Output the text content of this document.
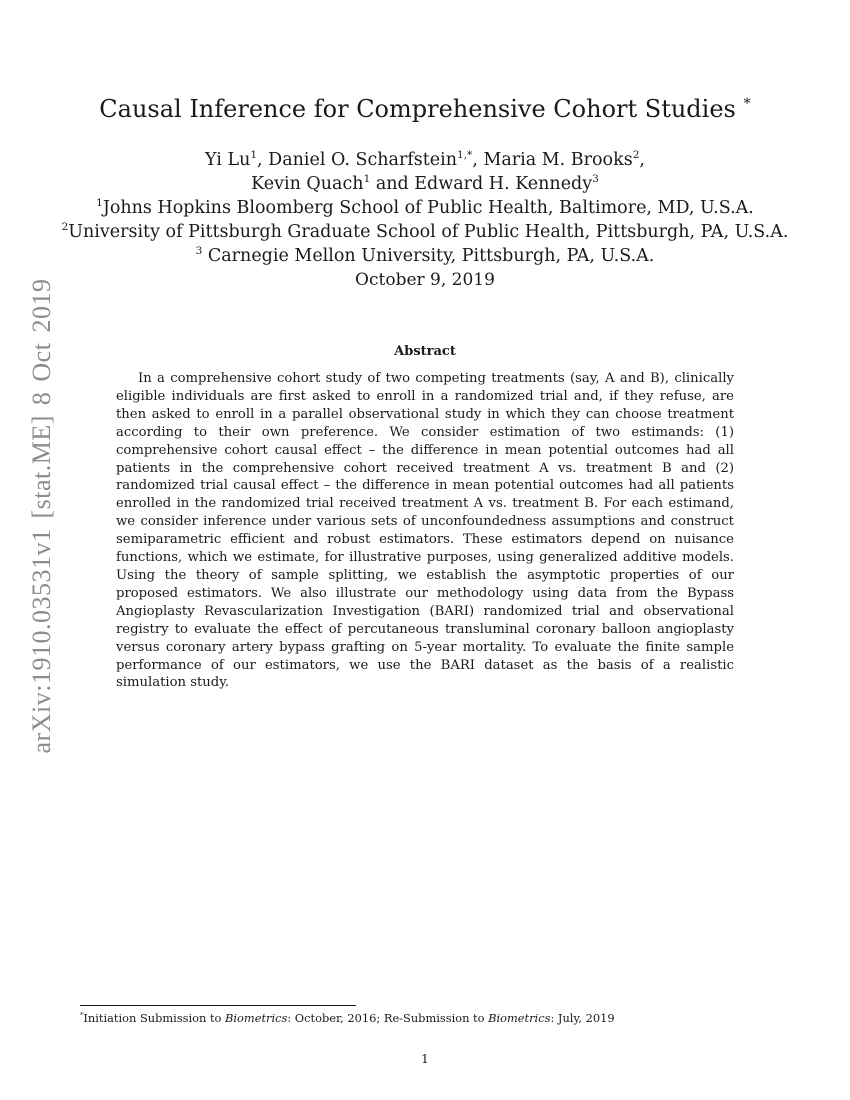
arXiv:1910.03531v1 [stat.ME] 8 Oct 2019
Causal Inference for Comprehensive Cohort Studies *
Yi Lu$^1$, Daniel O. Scharfstein$^{1,*}$, Maria M. Brooks$^2$,
Kevin Quach$^1$ and Edward H. Kennedy$^3$
$^1$Johns Hopkins Bloomberg School of Public Health, Baltimore, MD, U.S.A.
$^2$University of Pittsburgh Graduate School of Public Health, Pittsburgh, PA, U.S.A.
$^3$ Carnegie Mellon University, Pittsburgh, PA, U.S.A.
October 9, 2019
Abstract

In a comprehensive cohort study of two competing treatments (say, A and B), clinically eligible individuals are first asked to enroll in a randomized trial and, if they refuse, are then asked to enroll in a parallel observational study in which they can choose treatment according to their own preference. We consider estimation of two estimands: (1) comprehensive cohort causal effect – the difference in mean potential outcomes had all patients in the comprehensive cohort received treatment A vs. treatment B and (2) randomized trial causal effect – the difference in mean potential outcomes had all patients enrolled in the randomized trial received treatment A vs. treatment B. For each estimand, we consider inference under various sets of unconfoundedness assumptions and construct semiparametric efficient and robust estimators. These estimators depend on nuisance functions, which we estimate, for illustrative purposes, using generalized additive models. Using the theory of sample splitting, we establish the asymptotic properties of our proposed estimators. We also illustrate our methodology using data from the Bypass Angioplasty Revascularization Investigation (BARI) randomized trial and observational registry to evaluate the effect of percutaneous transluminal coronary balloon angioplasty versus coronary artery bypass grafting on 5-year mortality. To evaluate the finite sample performance of our estimators, we use the BARI dataset as the basis of a realistic simulation study.

*Initiation Submission to Biometrics: October, 2016; Re-Submission to Biometrics: July, 2019
1
